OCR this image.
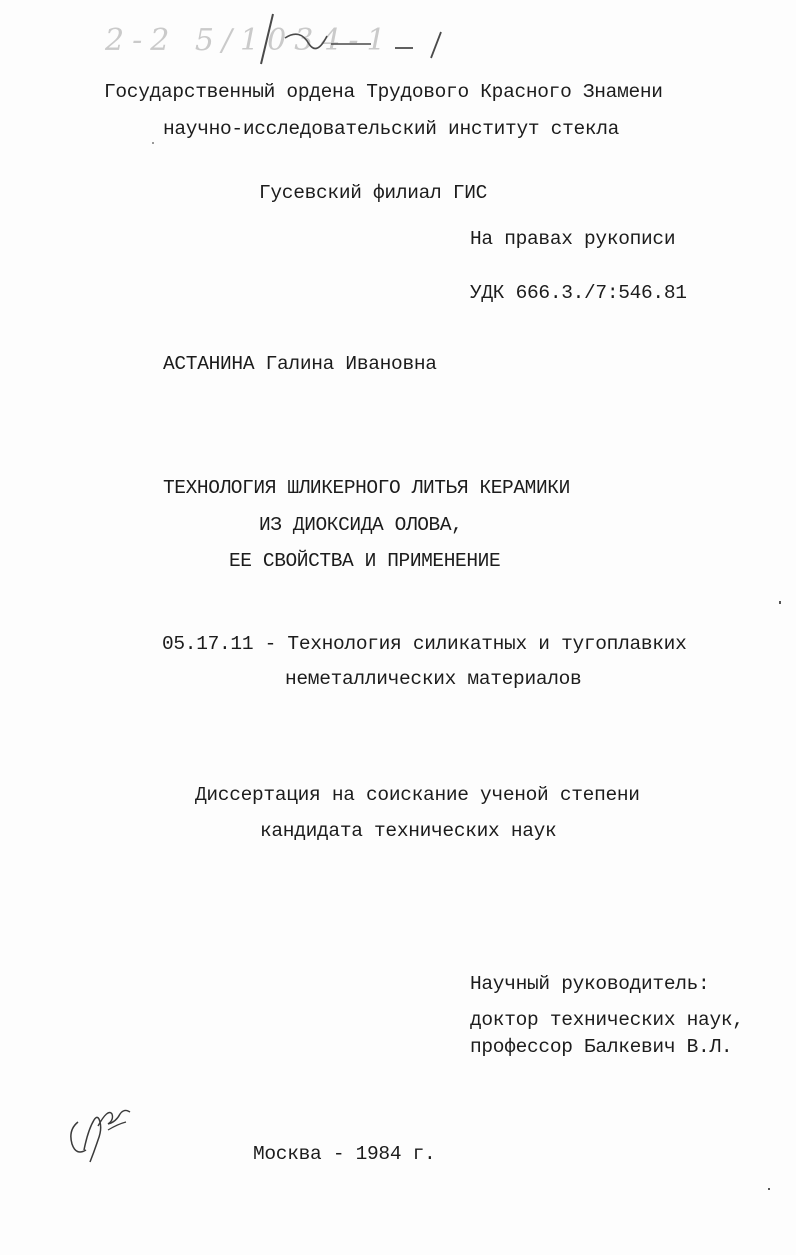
2-2 5/1034-1
Государственный ордена Трудового Красного Знамени
научно-исследовательский институт стекла
Гусевский филиал ГИС
На правах рукописи
УДК 666.3./7:546.81
АСТАНИНА Галина Ивановна
ТЕХНОЛОГИЯ ШЛИКЕРНОГО ЛИТЬЯ КЕРАМИКИ
ИЗ ДИОКСИДА ОЛОВА,
ЕЕ СВОЙСТВА И ПРИМЕНЕНИЕ
05.17.11 - Технология силикатных и тугоплавких
неметаллических материалов
Диссертация на соискание ученой степени
кандидата технических наук
Научный руководитель:
доктор технических наук,
профессор Балкевич В.Л.
Москва - 1984 г.
